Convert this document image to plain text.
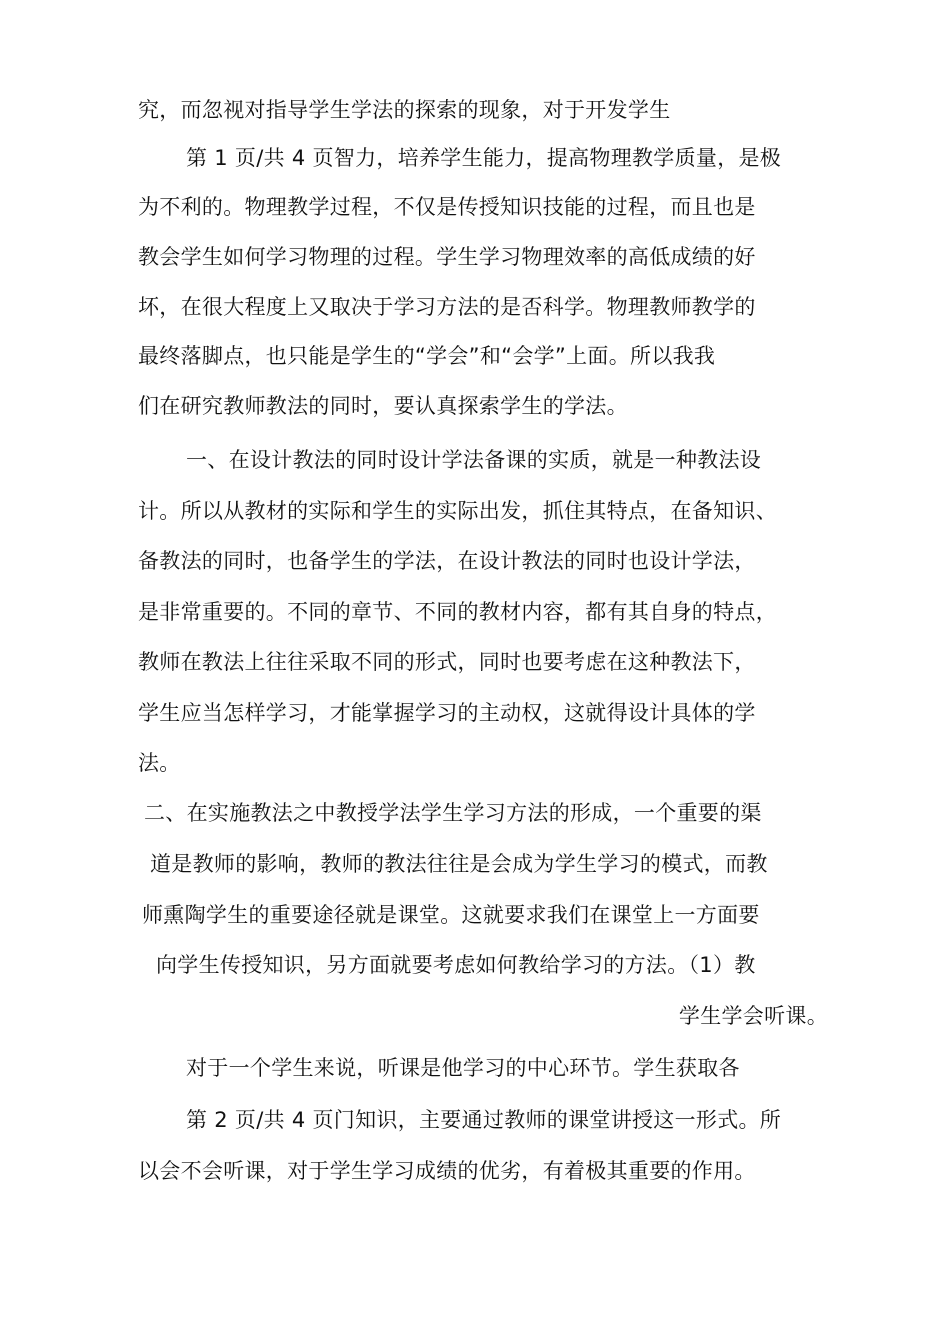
究，而忽视对指导学生学法的探索的现象，对于开发学生
第 1 页/共 4 页智力，培养学生能力，提高物理教学质量，是极
为不利的。物理教学过程，不仅是传授知识技能的过程，而且也是
教会学生如何学习物理的过程。学生学习物理效率的高低成绩的好
坏，在很大程度上又取决于学习方法的是否科学。物理教师教学的
最终落脚点，也只能是学生的“学会”和“会学”上面。所以我我
们在研究教师教法的同时，要认真探索学生的学法。
一、在设计教法的同时设计学法备课的实质，就是一种教法设
计。所以从教材的实际和学生的实际出发，抓住其特点，在备知识、
备教法的同时，也备学生的学法，在设计教法的同时也设计学法，
是非常重要的。不同的章节、不同的教材内容，都有其自身的特点，
教师在教法上往往采取不同的形式，同时也要考虑在这种教法下，
学生应当怎样学习，才能掌握学习的主动权，这就得设计具体的学
法。
二、在实施教法之中教授学法学生学习方法的形成，一个重要的渠
道是教师的影响，教师的教法往往是会成为学生学习的模式，而教
师熏陶学生的重要途径就是课堂。这就要求我们在课堂上一方面要
向学生传授知识，另方面就要考虑如何教给学习的方法。（1）教
学生学会听课。
对于一个学生来说，听课是他学习的中心环节。学生获取各
第 2 页/共 4 页门知识，主要通过教师的课堂讲授这一形式。所
以会不会听课，对于学生学习成绩的优劣，有着极其重要的作用。
